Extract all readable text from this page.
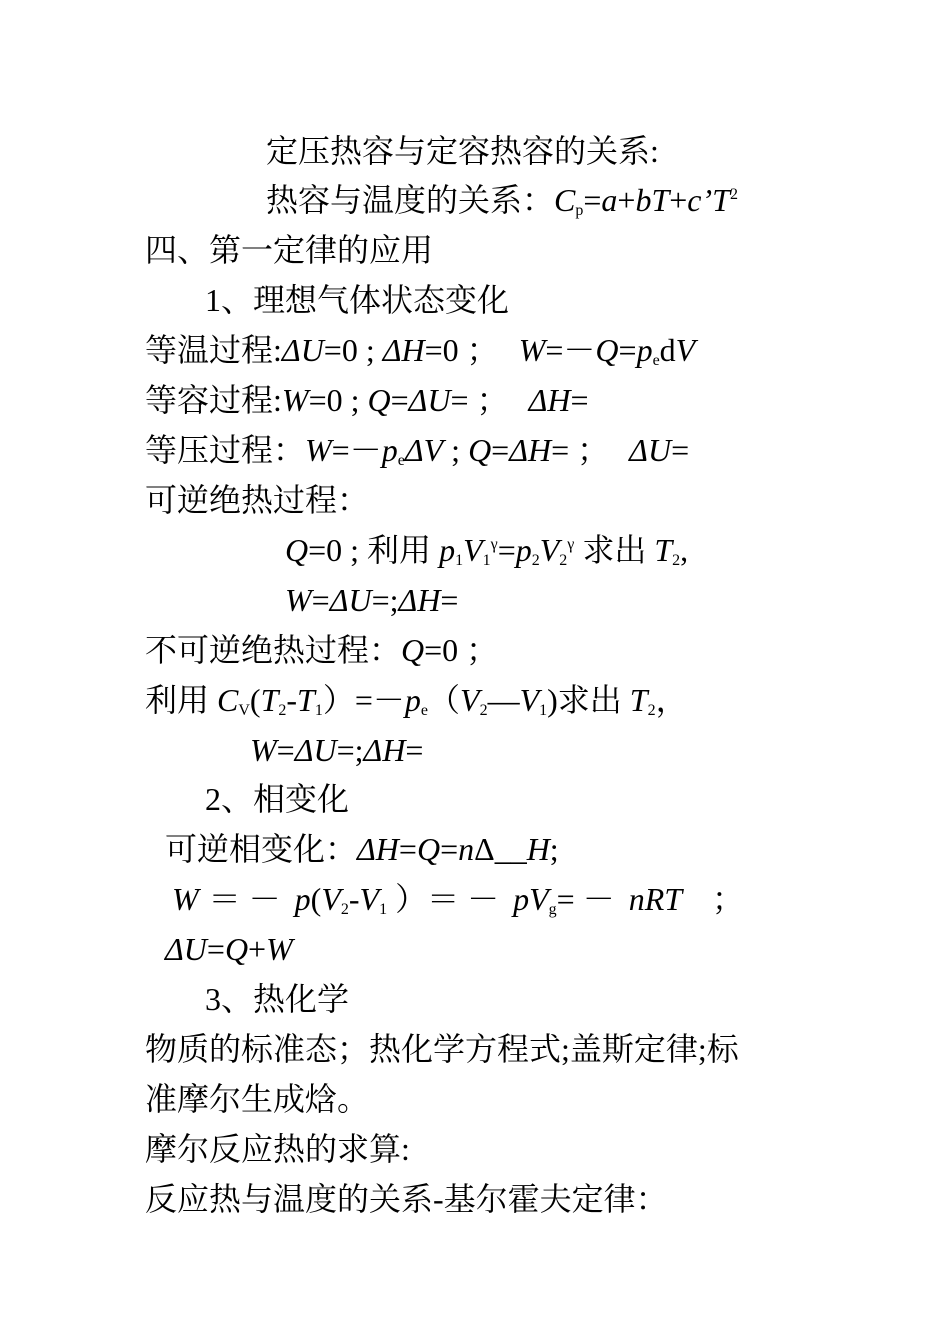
定压热容与定容热容的关系:
热容与温度的关系：$C_p=a+bT+c’T^2$
四、第一定律的应用
1、理想气体状态变化
等温过程:ΔU=0 ; ΔH=0 ； $W=-Q=p_edV$
等容过程:W=0 ; Q=ΔU= ； ΔH=
等压过程：$W=-p_e\Delta V$ ; Q=ΔH= ； ΔU=
可逆绝热过程：
Q=0 ; 利用 $p_1V_1^\gamma=p_2V_2^\gamma$ 求出 $T_2$,
W=ΔU=;ΔH=
不可逆绝热过程：Q=0 ；
利用 $C_V(T_2-T_1)=-p_e(V_2—V_1)$求出 $T_2$，
W=ΔU=;ΔH=
2、相变化
可逆相变化：ΔH=Q=nΔ__H;
W ＝ － $p(V_2-V_1$ ）＝ － $pV_g=$ － nRT ；
ΔU=Q+W
3、热化学
物质的标准态；热化学方程式;盖斯定律;标
准摩尔生成焓。
摩尔反应热的求算:
反应热与温度的关系-基尔霍夫定律：
